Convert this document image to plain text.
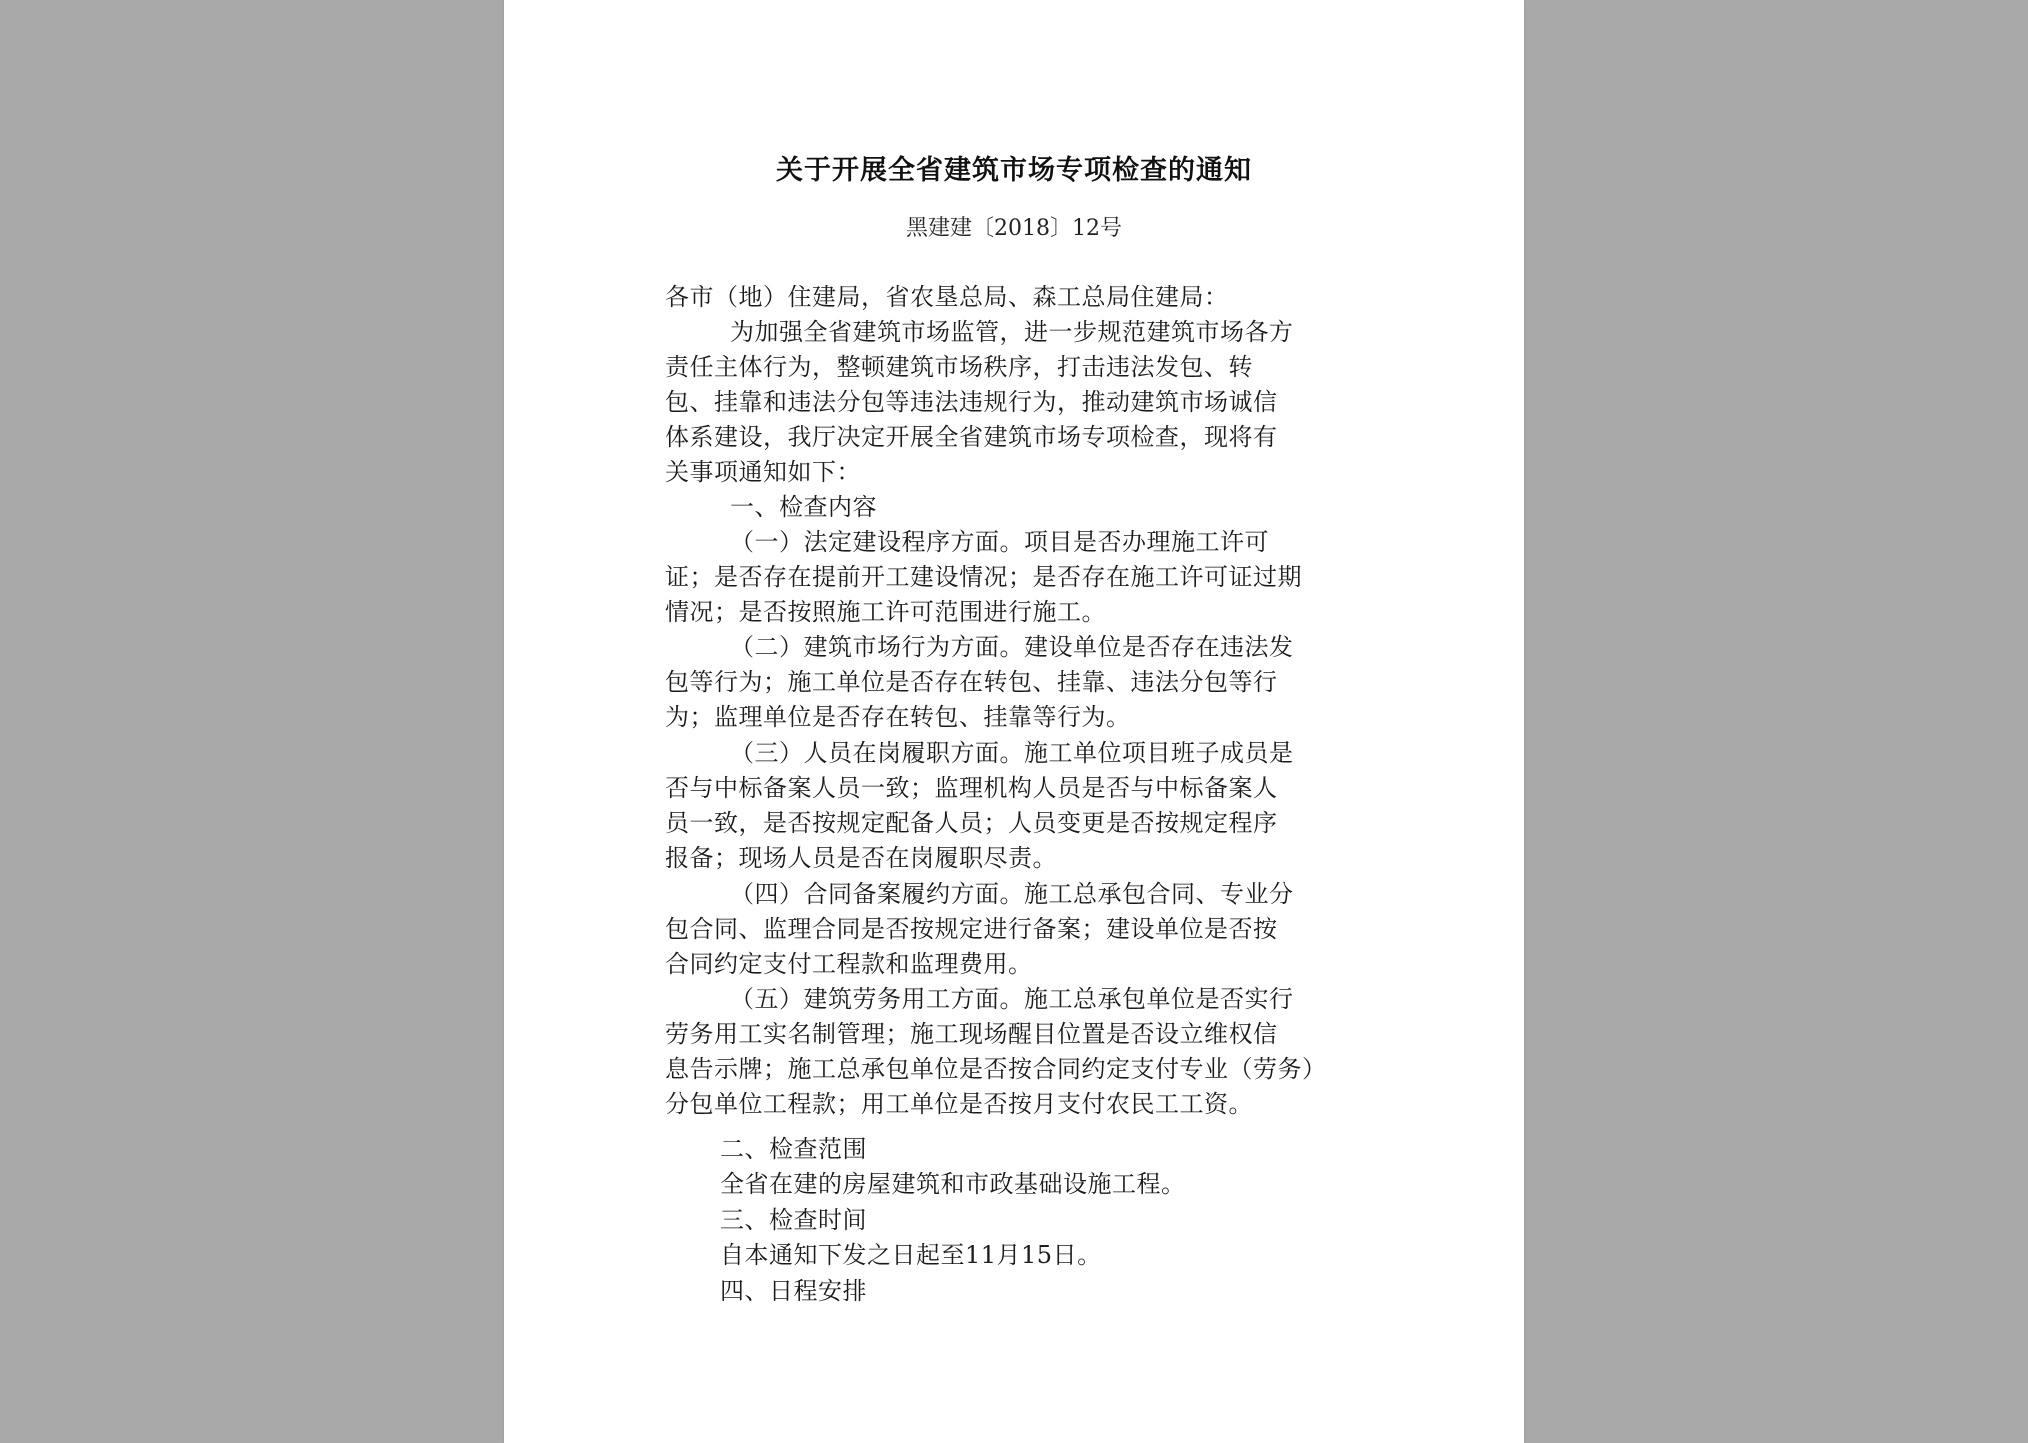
关于开展全省建筑市场专项检查的通知
黑建建〔2018〕12号
各市（地）住建局，省农垦总局、森工总局住建局：
为加强全省建筑市场监管，进一步规范建筑市场各方
责任主体行为，整顿建筑市场秩序，打击违法发包、转
包、挂靠和违法分包等违法违规行为，推动建筑市场诚信
体系建设，我厅决定开展全省建筑市场专项检查，现将有
关事项通知如下：
一、检查内容
（一）法定建设程序方面。项目是否办理施工许可
证；是否存在提前开工建设情况；是否存在施工许可证过期
情况；是否按照施工许可范围进行施工。
（二）建筑市场行为方面。建设单位是否存在违法发
包等行为；施工单位是否存在转包、挂靠、违法分包等行
为；监理单位是否存在转包、挂靠等行为。
（三）人员在岗履职方面。施工单位项目班子成员是
否与中标备案人员一致；监理机构人员是否与中标备案人
员一致，是否按规定配备人员；人员变更是否按规定程序
报备；现场人员是否在岗履职尽责。
（四）合同备案履约方面。施工总承包合同、专业分
包合同、监理合同是否按规定进行备案；建设单位是否按
合同约定支付工程款和监理费用。
（五）建筑劳务用工方面。施工总承包单位是否实行
劳务用工实名制管理；施工现场醒目位置是否设立维权信
息告示牌；施工总承包单位是否按合同约定支付专业（劳务）
分包单位工程款；用工单位是否按月支付农民工工资。
二、检查范围
全省在建的房屋建筑和市政基础设施工程。
三、检查时间
自本通知下发之日起至11月15日。
四、日程安排
